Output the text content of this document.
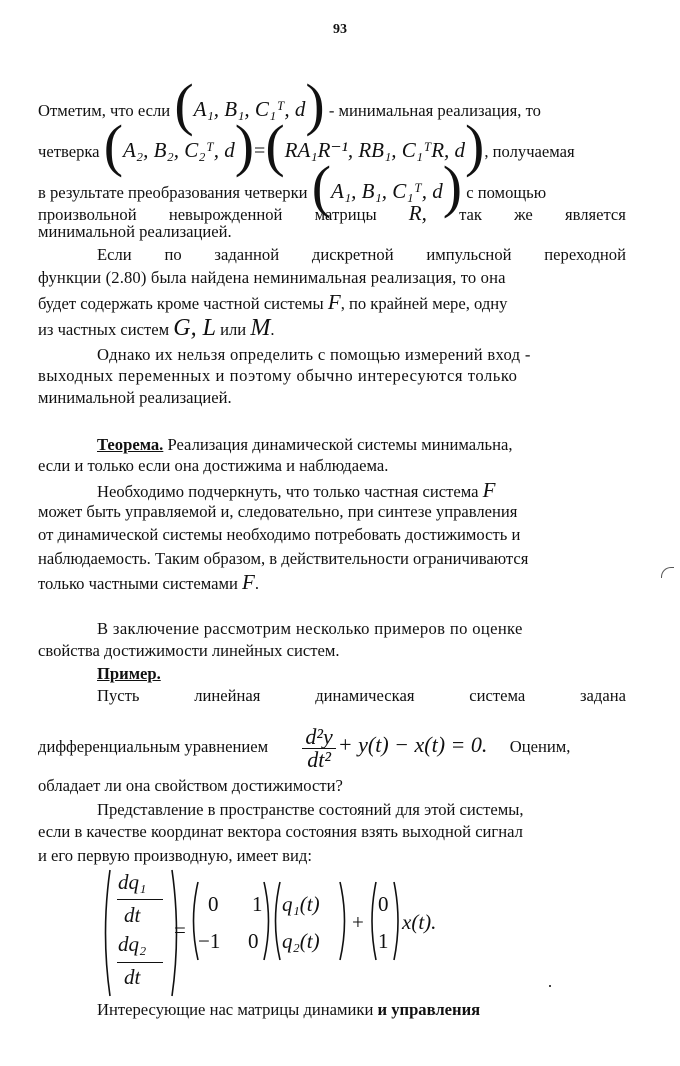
93
Отметим, что если (A₁, B₁, C₁ᵀ, d) - минимальная реализация, то
четверка (A₂, B₂, C₂ᵀ, d)=(RA₁R⁻¹, RB₁, C₁ᵀR, d), получаемая
в результате преобразования четверки (A₁, B₁, C₁ᵀ, d) с помощью
произвольной невырожденной матрицы R, так же является
минимальной реализацией.
Если по заданной дискретной импульсной переходной
функции (2.80) была найдена неминимальная реализация, то она
будет содержать кроме частной системы F, по крайней мере, одну
из частных систем G, L или M.
Однако их нельзя определить с помощью измерений вход -
выходных переменных и поэтому обычно интересуются только
минимальной реализацией.
Теорема. Реализация динамической системы минимальна,
если и только если она достижима и наблюдаема.
Необходимо подчеркнуть, что только частная система F
может быть управляемой и, следовательно, при синтезе управления
от динамической системы необходимо потребовать достижимость и
наблюдаемость. Таким образом, в действительности ограничиваются
только частными системами F.
В заключение рассмотрим несколько примеров по оценке
свойства достижимости линейных систем.
Пример.
Пусть	линейная	динамическая	система	задана
дифференциальным уравнением $\frac{\text{d²y}}{\text{dt²}} + y(t) - x(t) = 0$. Оценим,
обладает ли она свойством достижимости?
Представление в пространстве состояний для этой системы,
если в качестве координат вектора состояния взять выходной сигнал
и его первую производную, имеет вид:
dq₁
dt
dq₂
dt
=
0 1
−1 0
q₁(t)
q₂(t)
+
0
1
x(t).
Интересующие нас матрицы динамики и управления
